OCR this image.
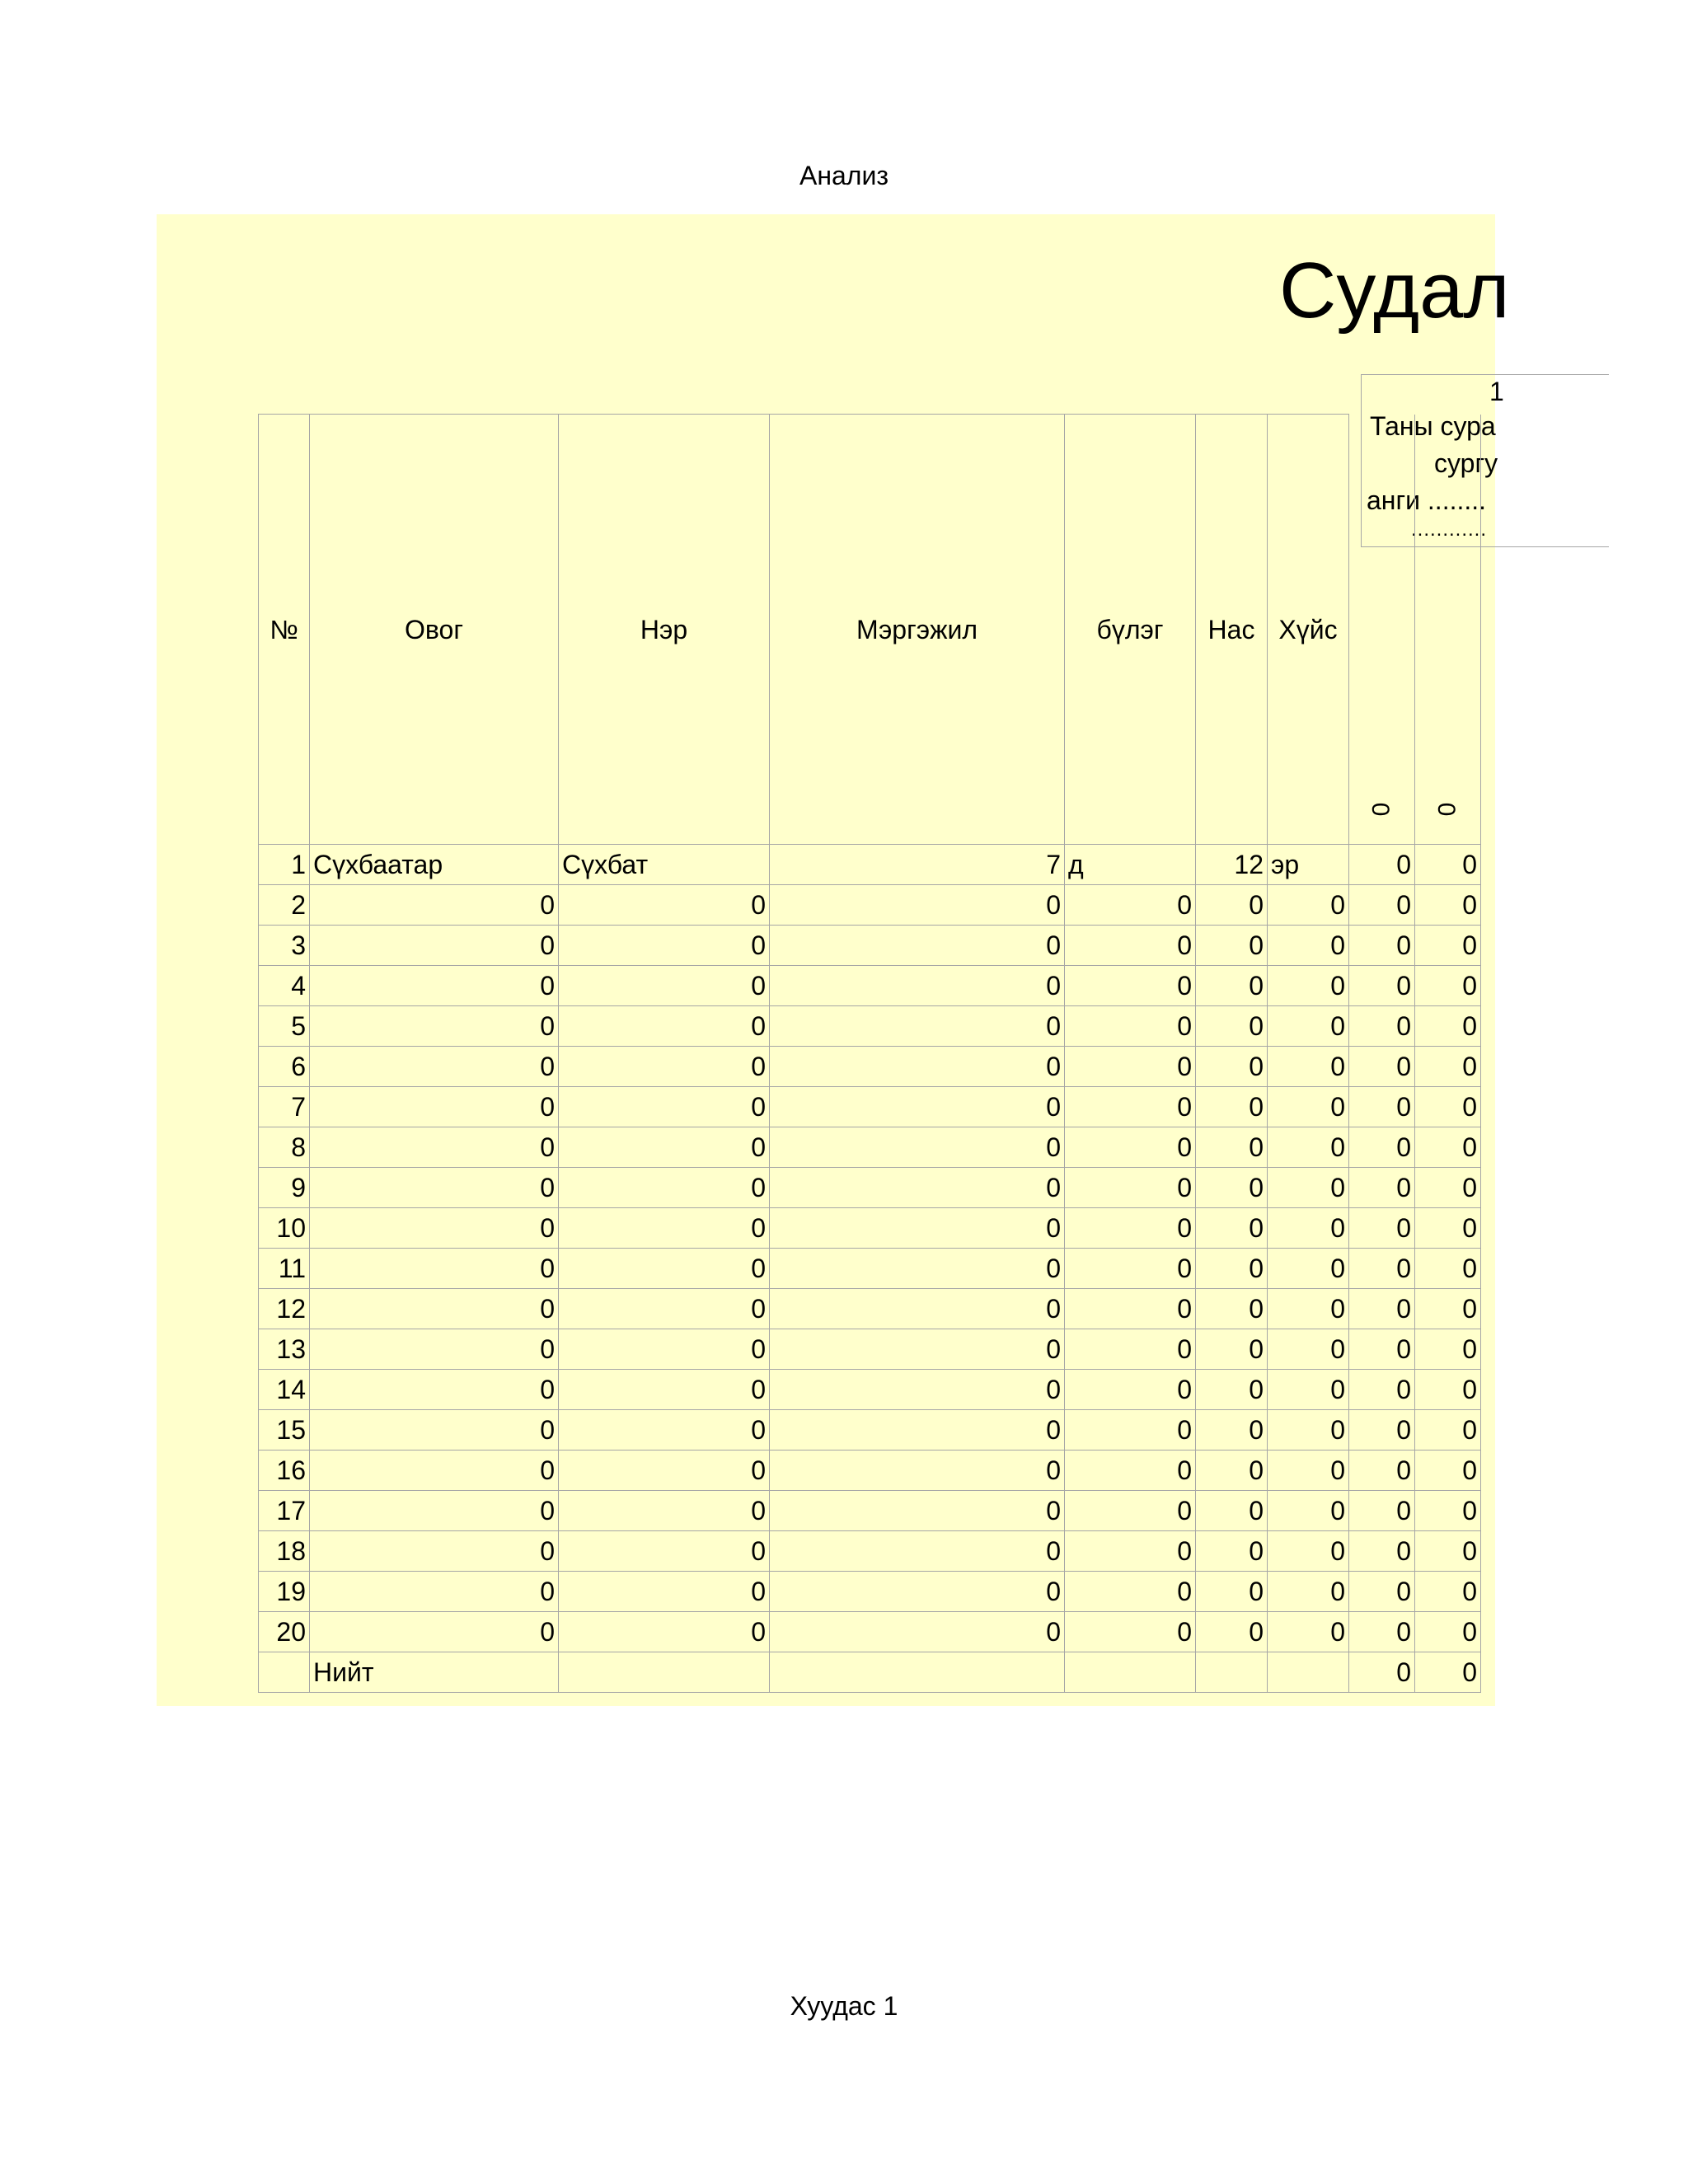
Анализ
Судал
1
Таны сура
сургу
анги ........
............
№	Овог	Нэр	Мэргэжил	бүлэг	Нас	Хүйс	0	0

1	Сүхбаатар	Сүхбат	7	д	12	эр	0	0
2	0	0	0	0	0	0	0	0
3	0	0	0	0	0	0	0	0
4	0	0	0	0	0	0	0	0
5	0	0	0	0	0	0	0	0
6	0	0	0	0	0	0	0	0
7	0	0	0	0	0	0	0	0
8	0	0	0	0	0	0	0	0
9	0	0	0	0	0	0	0	0
10	0	0	0	0	0	0	0	0
11	0	0	0	0	0	0	0	0
12	0	0	0	0	0	0	0	0
13	0	0	0	0	0	0	0	0
14	0	0	0	0	0	0	0	0
15	0	0	0	0	0	0	0	0
16	0	0	0	0	0	0	0	0
17	0	0	0	0	0	0	0	0
18	0	0	0	0	0	0	0	0
19	0	0	0	0	0	0	0	0
20	0	0	0	0	0	0	0	0
	Нийт						0	0
Хуудас 1
